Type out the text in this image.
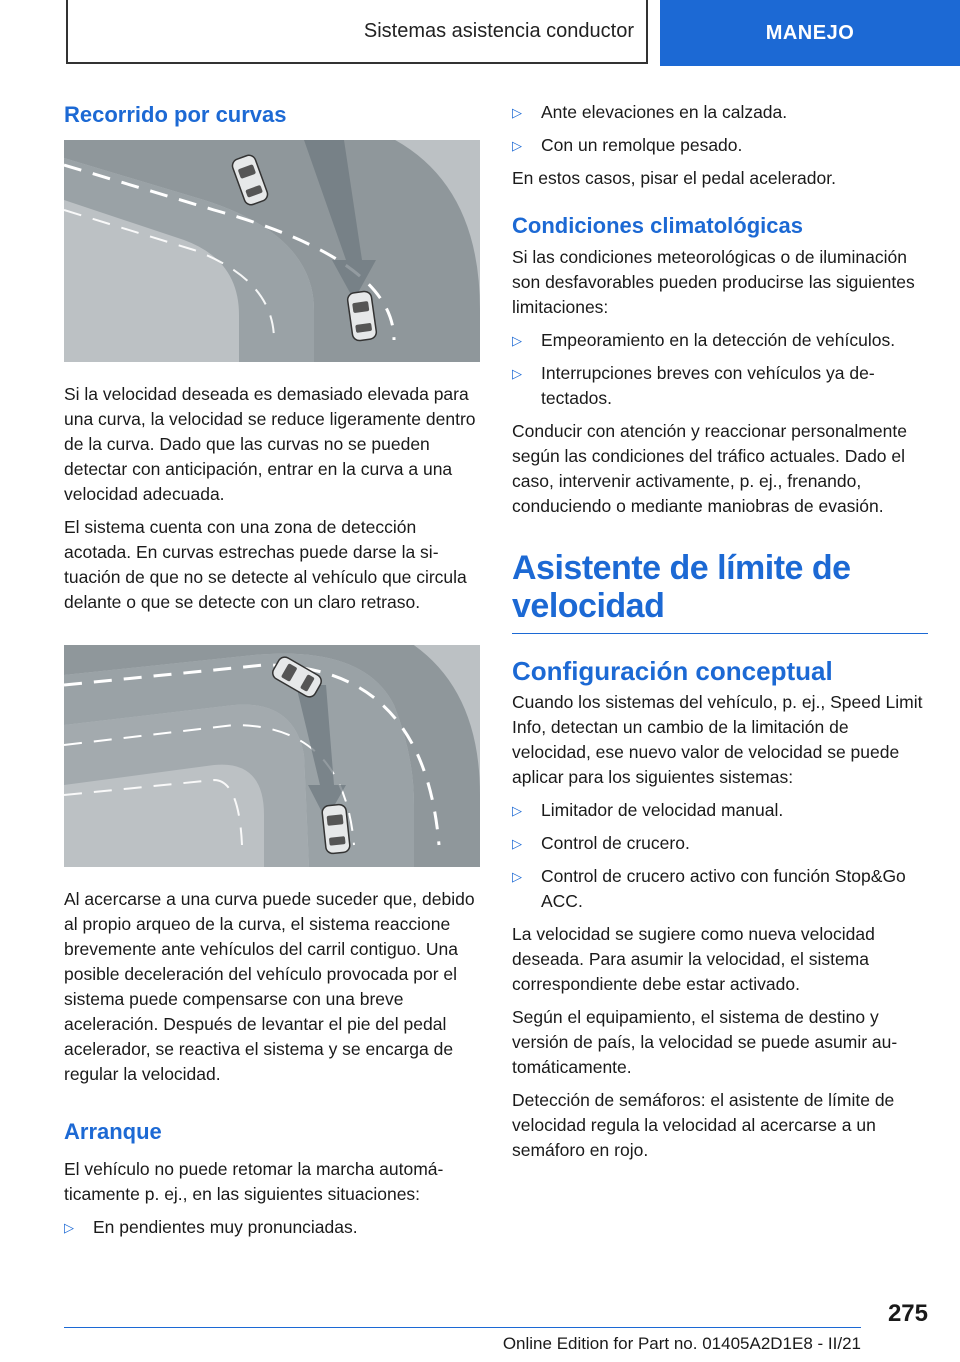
Sistemas asistencia conductor	MANEJO
Recorrido por curvas

Si la velocidad deseada es demasiado elevada para una curva, la velocidad se reduce ligeramente dentro de la curva. Dado que las curvas no se pueden detectar con anticipación, entrar en la curva a una velocidad adecuada.

El sistema cuenta con una zona de detección acotada. En curvas estrechas puede darse la situación de que no se detecte al vehículo que circula delante o que se detecte con un claro retraso.

Al acercarse a una curva puede suceder que, debido al propio arqueo de la curva, el sistema reaccione brevemente ante vehículos del carril contiguo. Una posible deceleración del vehículo provocada por el sistema puede compensarse con una breve aceleración. Después de levantar el pie del pedal acelerador, se reactiva el sistema y se encarga de regular la velocidad.

Arranque

El vehículo no puede retomar la marcha automáticamente p. ej., en las siguientes situaciones:

▷ En pendientes muy pronunciadas.
▷ Ante elevaciones en la calzada.
▷ Con un remolque pesado.

En estos casos, pisar el pedal acelerador.

Condiciones climatológicas

Si las condiciones meteorológicas o de iluminación son desfavorables pueden producirse las siguientes limitaciones:

▷ Empeoramiento en la detección de vehículos.
▷ Interrupciones breves con vehículos ya detectados.

Conducir con atención y reaccionar personalmente según las condiciones del tráfico actuales. Dado el caso, intervenir activamente, p. ej., frenando, conduciendo o mediante maniobras de evasión.

Asistente de límite de velocidad
Configuración conceptual

Cuando los sistemas del vehículo, p. ej., Speed Limit Info, detectan un cambio de la limitación de velocidad, ese nuevo valor de velocidad se puede aplicar para los siguientes sistemas:

▷ Limitador de velocidad manual.
▷ Control de crucero.
▷ Control de crucero activo con función Stop&Go ACC.

La velocidad se sugiere como nueva velocidad deseada. Para asumir la velocidad, el sistema correspondiente debe estar activado.

Según el equipamiento, el sistema de destino y versión de país, la velocidad se puede asumir automáticamente.

Detección de semáforos: el asistente de límite de velocidad regula la velocidad al acercarse a un semáforo en rojo.

275
Online Edition for Part no. 01405A2D1E8 - II/21
